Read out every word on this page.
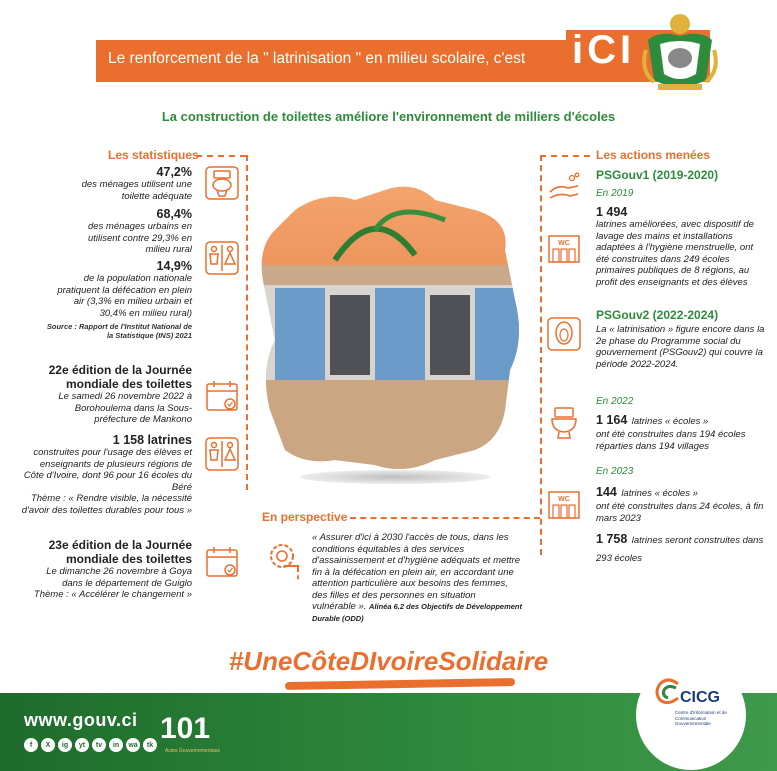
Le renforcement de la " latrinisation " en milieu scolaire, c'est iCI
La construction de toilettes améliore l'environnement de milliers d'écoles
Les statistiques
47,2%
des ménages utilisent une toilette adéquate
68,4%
des ménages urbains en utilisent contre 29,3% en milieu rural
14,9%
de la population nationale pratiquent la défécation en plein air (3,3% en milieu urbain et 30,4% en milieu rural)
Source : Rapport de l'Institut National de la Statistique (INS) 2021
22e édition de la Journée mondiale des toilettes
Le samedi 26 novembre 2022 à Borohoulema dans la Sous-préfecture de Mankono
1 158 latrines
construites pour l'usage des élèves et enseignants de plusieurs régions de Côte d'Ivoire, dont 96 pour 16 écoles du Béré
Thème : « Rendre visible, la nécessité d'avoir des toilettes durables pour tous »
23e édition de la Journée mondiale des toilettes
Le dimanche 26 novembre à Goya dans le département de Guiglo
Thème : « Accélérer le changement »
Les actions menées
PSGouv1 (2019-2020)
En 2019
1 494
latrines améliorées, avec dispositif de lavage des mains et installations adaptées à l'hygiène menstruelle, ont été construites dans 249 écoles primaires publiques de 8 régions, au profit des enseignants et des élèves
WC
PSGouv2 (2022-2024)
La « latrinisation » figure encore dans la 2e phase du Programme social du gouvernement (PSGouv2) qui couvre la période 2022-2024.
En 2022
1 164 latrines « écoles »
ont été construites dans 194 écoles réparties dans 194 villages
En 2023
144 latrines « écoles »
ont été construites dans 24 écoles, à fin mars 2023
1 758 latrines seront construites dans 293 écoles
WC
En perspective
« Assurer d'ici à 2030 l'accès de tous, dans les conditions équitables à des services d'assainissement et d'hygiène adéquats et mettre fin à la défécation en plein air, en accordant une attention particulière aux besoins des femmes, des filles et des personnes en situation vulnérable ». Alinéa 6.2 des Objectifs de Développement Durable (ODD)
#UneCôteDIvoireSolidaire
www.gouv.ci
f	X	ig	yt	tv	in	wa	tk 101
Actes Gouvernementaux
CICG
Centre d'Information et de Communication Gouvernementale
